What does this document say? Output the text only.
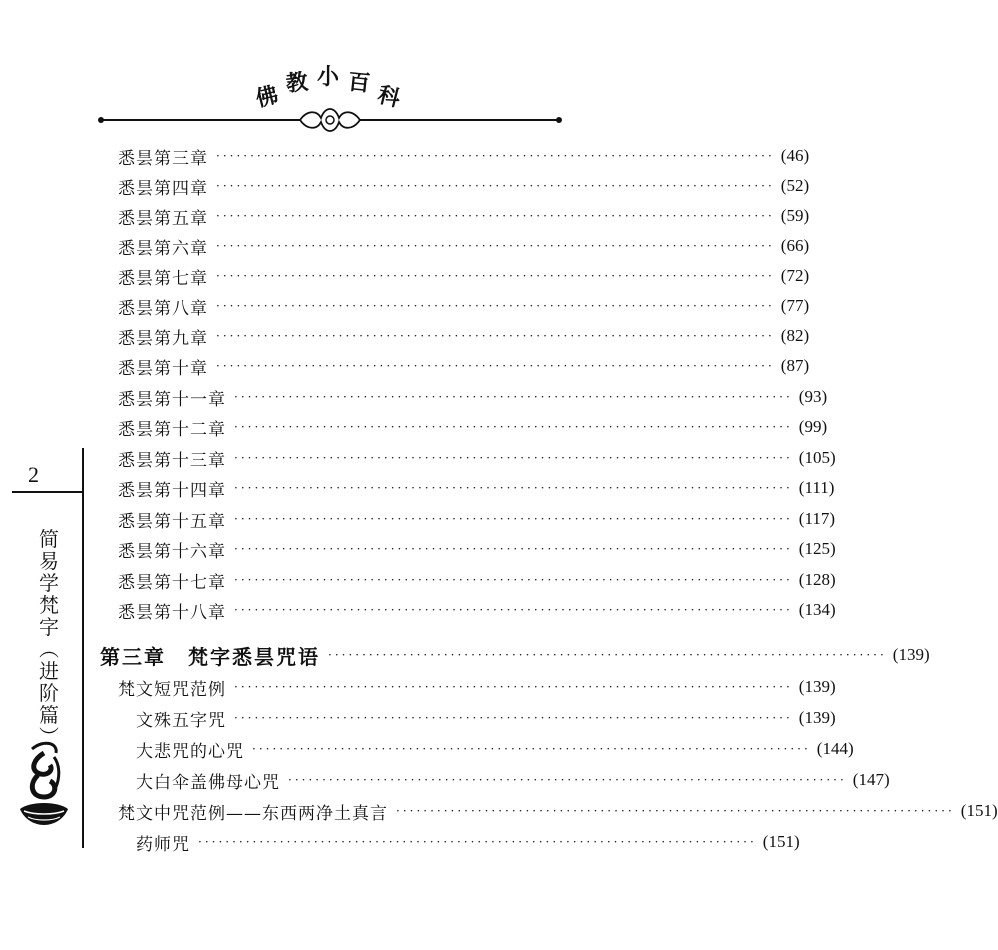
佛 教 小 百 科
悉昙第三章 ·················································································· (46)
悉昙第四章 ·················································································· (52)
悉昙第五章 ·················································································· (59)
悉昙第六章 ·················································································· (66)
悉昙第七章 ·················································································· (72)
悉昙第八章 ·················································································· (77)
悉昙第九章 ·················································································· (82)
悉昙第十章 ·················································································· (87)
悉昙第十一章 ·················································································· (93)
悉昙第十二章 ·················································································· (99)
悉昙第十三章 ·················································································· (105)
悉昙第十四章 ·················································································· (111)
悉昙第十五章 ·················································································· (117)
悉昙第十六章 ·················································································· (125)
悉昙第十七章 ·················································································· (128)
悉昙第十八章 ·················································································· (134)
第三章　梵字悉昙咒语 ·················································································· (139)
梵文短咒范例 ·················································································· (139)
文殊五字咒 ·················································································· (139)
大悲咒的心咒 ·················································································· (144)
大白伞盖佛母心咒 ·················································································· (147)
梵文中咒范例——东西两净土真言 ·················································································· (151)
药师咒 ·················································································· (151)
2
简
易
学
梵
字
︵
进
阶
篇
︶
